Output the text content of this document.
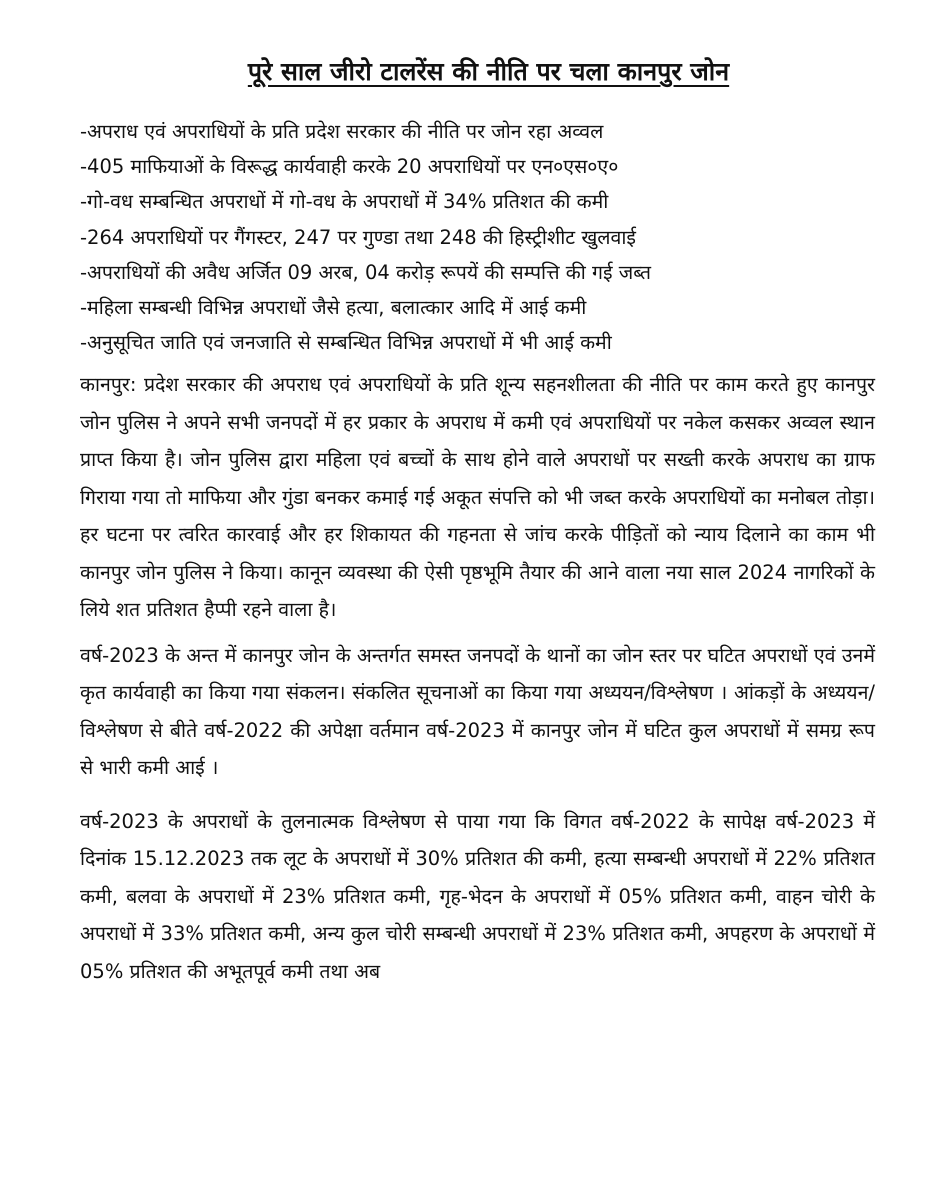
पूरे साल जीरो टालरेंस की नीति पर चला कानपुर जोन
-अपराध एवं अपराधियों के प्रति प्रदेश सरकार की नीति पर जोन रहा अव्वल
-405 माफियाओं के विरूद्ध कार्यवाही करके 20 अपराधियों पर एन०एस०ए०
-गो-वध सम्बन्धित अपराधों में गो-वध के अपराधों में 34% प्रतिशत की कमी
-264 अपराधियों पर गैंगस्टर, 247 पर गुण्डा तथा 248 की हिस्ट्रीशीट खुलवाई
-अपराधियों की अवैध अर्जित 09 अरब, 04 करोड़ रूपयें की सम्पत्ति की गई जब्त
-महिला सम्बन्धी विभिन्न अपराधों जैसे हत्या, बलात्कार आदि में आई कमी
-अनुसूचित जाति एवं जनजाति से सम्बन्धित विभिन्न अपराधों में भी आई कमी

कानपुर: प्रदेश सरकार की अपराध एवं अपराधियों के प्रति शून्य सहनशीलता की नीति पर काम करते हुए कानपुर जोन पुलिस ने अपने सभी जनपदों में हर प्रकार के अपराध में कमी एवं अपराधियों पर नकेल कसकर अव्वल स्थान प्राप्त किया है। जोन पुलिस द्वारा महिला एवं बच्चों के साथ होने वाले अपराधों पर सख्ती करके अपराध का ग्राफ गिराया गया तो माफिया और गुंडा बनकर कमाई गई अकूत संपत्ति को भी जब्त करके अपराधियों का मनोबल तोड़ा। हर घटना पर त्वरित कारवाई और हर शिकायत की गहनता से जांच करके पीड़ितों को न्याय दिलाने का काम भी कानपुर जोन पुलिस ने किया। कानून व्यवस्था की ऐसी पृष्ठभूमि तैयार की आने वाला नया साल 2024 नागरिकों के लिये शत प्रतिशत हैप्पी रहने वाला है।

वर्ष-2023 के अन्त में कानपुर जोन के अन्तर्गत समस्त जनपदों के थानों का जोन स्तर पर घटित अपराधों एवं उनमें कृत कार्यवाही का किया गया संकलन। संकलित सूचनाओं का किया गया अध्ययन/विश्लेषण । आंकड़ों के अध्ययन/ विश्लेषण से बीते वर्ष-2022 की अपेक्षा वर्तमान वर्ष-2023 में कानपुर जोन में घटित कुल अपराधों में समग्र रूप से भारी कमी आई ।

वर्ष-2023 के अपराधों के तुलनात्मक विश्लेषण से पाया गया कि विगत वर्ष-2022 के सापेक्ष वर्ष-2023 में दिनांक 15.12.2023 तक लूट के अपराधों में 30% प्रतिशत की कमी, हत्या सम्बन्धी अपराधों में 22% प्रतिशत कमी, बलवा के अपराधों में 23% प्रतिशत कमी, गृह-भेदन के अपराधों में 05% प्रतिशत कमी, वाहन चोरी के अपराधों में 33% प्रतिशत कमी, अन्य कुल चोरी सम्बन्धी अपराधों में 23% प्रतिशत कमी, अपहरण के अपराधों में 05% प्रतिशत की अभूतपूर्व कमी तथा अब
